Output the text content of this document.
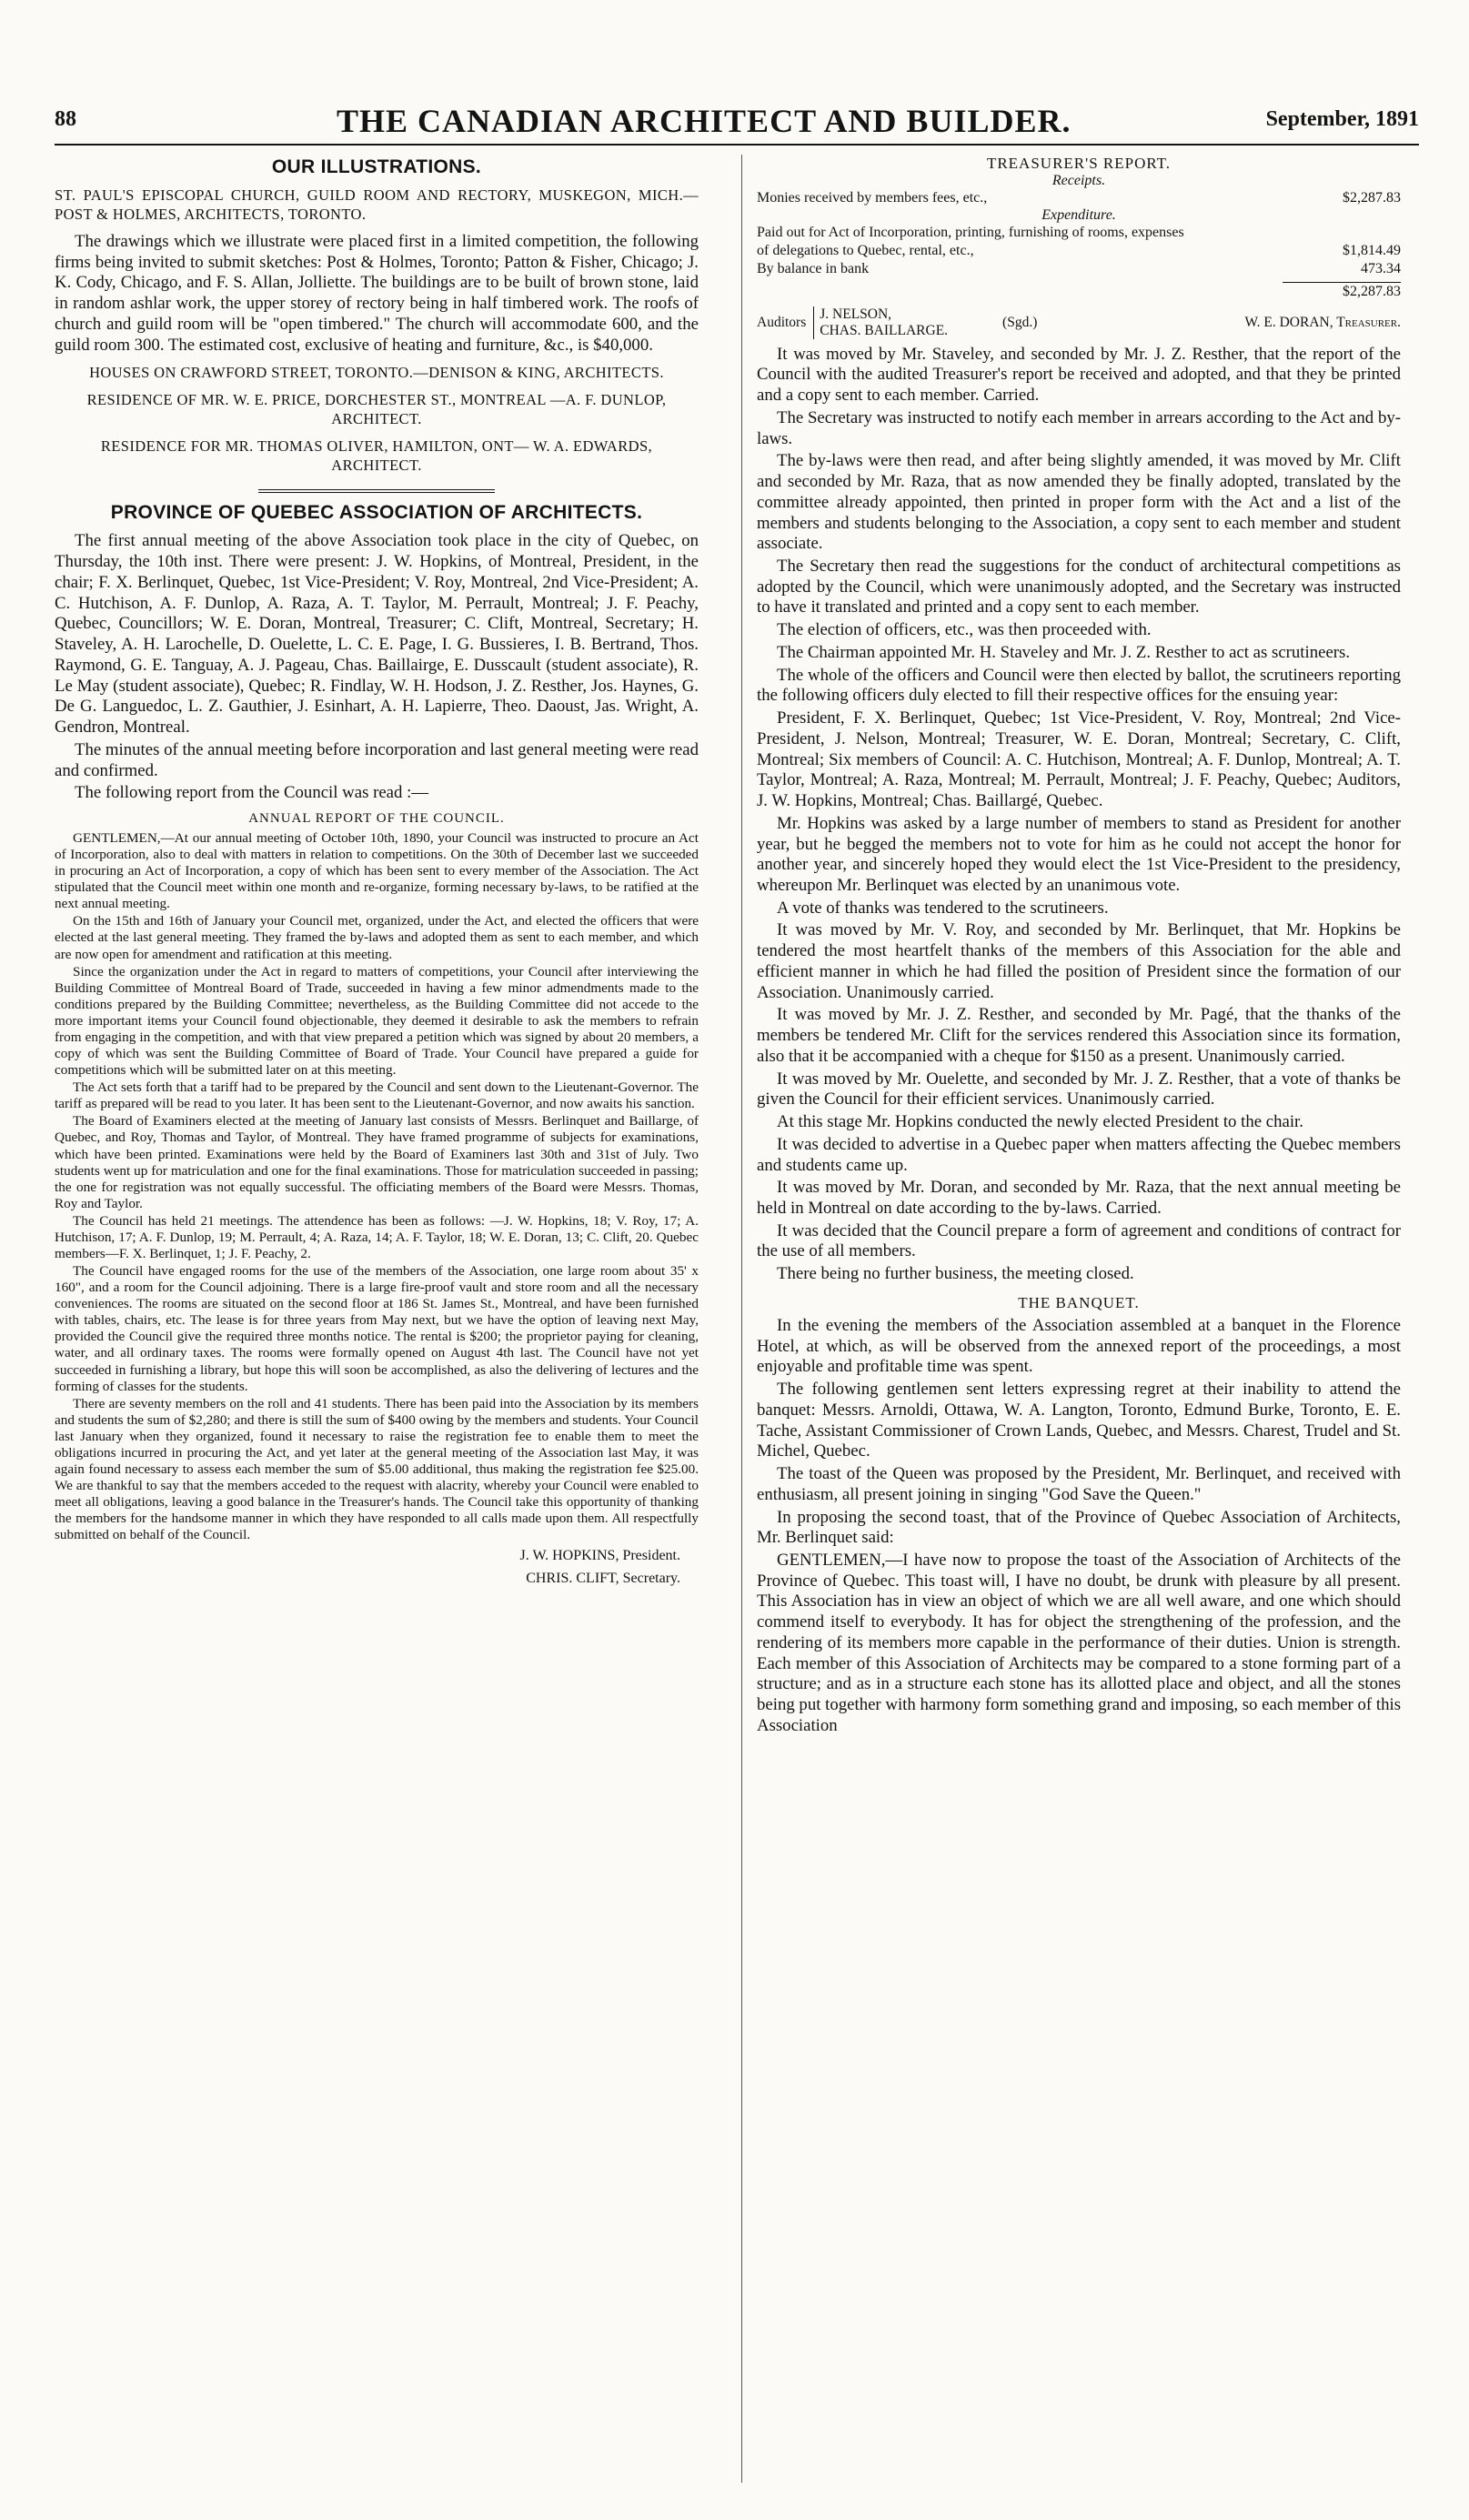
88	THE CANADIAN ARCHITECT AND BUILDER.	September, 1891
OUR ILLUSTRATIONS.
ST. PAUL'S EPISCOPAL CHURCH, GUILD ROOM AND RECTORY, MUSKEGON, MICH.—POST & HOLMES, ARCHITECTS, TORONTO.

The drawings which we illustrate were placed first in a limited competition, the following firms being invited to submit sketches: Post & Holmes, Toronto; Patton & Fisher, Chicago; J. K. Cody, Chicago, and F. S. Allan, Jolliette. The buildings are to be built of brown stone, laid in random ashlar work, the upper storey of rectory being in half timbered work. The roofs of church and guild room will be "open timbered." The church will accommodate 600, and the guild room 300. The estimated cost, exclusive of heating and furniture, &c., is $40,000.

HOUSES ON CRAWFORD STREET, TORONTO.—DENISON & KING, ARCHITECTS.
RESIDENCE OF MR. W. E. PRICE, DORCHESTER ST., MONTREAL —A. F. DUNLOP, ARCHITECT.
RESIDENCE FOR MR. THOMAS OLIVER, HAMILTON, ONT— W. A. EDWARDS, ARCHITECT.
PROVINCE OF QUEBEC ASSOCIATION OF ARCHITECTS.

The first annual meeting of the above Association took place in the city of Quebec, on Thursday, the 10th inst. There were present: J. W. Hopkins, of Montreal, President, in the chair; F. X. Berlinquet, Quebec, 1st Vice-President; V. Roy, Montreal, 2nd Vice-President; A. C. Hutchison, A. F. Dunlop, A. Raza, A. T. Taylor, M. Perrault, Montreal; J. F. Peachy, Quebec, Councillors; W. E. Doran, Montreal, Treasurer; C. Clift, Montreal, Secretary; H. Staveley, A. H. Larochelle, D. Ouelette, L. C. E. Page, I. G. Bussieres, I. B. Bertrand, Thos. Raymond, G. E. Tanguay, A. J. Pageau, Chas. Baillairge, E. Dusscault (student associate), R. Le May (student associate), Quebec; R. Findlay, W. H. Hodson, J. Z. Resther, Jos. Haynes, G. De G. Languedoc, L. Z. Gauthier, J. Esinhart, A. H. Lapierre, Theo. Daoust, Jas. Wright, A. Gendron, Montreal.

The minutes of the annual meeting before incorporation and last general meeting were read and confirmed.

The following report from the Council was read :—

ANNUAL REPORT OF THE COUNCIL.

GENTLEMEN,—At our annual meeting of October 10th, 1890, your Council was instructed to procure an Act of Incorporation, also to deal with matters in relation to competitions. On the 30th of December last we succeeded in procuring an Act of Incorporation, a copy of which has been sent to every member of the Association. The Act stipulated that the Council meet within one month and re-organize, forming necessary by-laws, to be ratified at the next annual meeting.

On the 15th and 16th of January your Council met, organized, under the Act, and elected the officers that were elected at the last general meeting. They framed the by-laws and adopted them as sent to each member, and which are now open for amendment and ratification at this meeting.

Since the organization under the Act in regard to matters of competitions, your Council after interviewing the Building Committee of Montreal Board of Trade, succeeded in having a few minor admendments made to the conditions prepared by the Building Committee; nevertheless, as the Building Committee did not accede to the more important items your Council found objectionable, they deemed it desirable to ask the members to refrain from engaging in the competition, and with that view prepared a petition which was signed by about 20 members, a copy of which was sent the Building Committee of Board of Trade. Your Council have prepared a guide for competitions which will be submitted later on at this meeting.

The Act sets forth that a tariff had to be prepared by the Council and sent down to the Lieutenant-Governor. The tariff as prepared will be read to you later. It has been sent to the Lieutenant-Governor, and now awaits his sanction.

The Board of Examiners elected at the meeting of January last consists of Messrs. Berlinquet and Baillarge, of Quebec, and Roy, Thomas and Taylor, of Montreal. They have framed programme of subjects for examinations, which have been printed. Examinations were held by the Board of Examiners last 30th and 31st of July. Two students went up for matriculation and one for the final examinations. Those for matriculation succeeded in passing; the one for registration was not equally successful. The officiating members of the Board were Messrs. Thomas, Roy and Taylor.

The Council has held 21 meetings. The attendence has been as follows: —J. W. Hopkins, 18; V. Roy, 17; A. Hutchison, 17; A. F. Dunlop, 19; M. Perrault, 4; A. Raza, 14; A. F. Taylor, 18; W. E. Doran, 13; C. Clift, 20. Quebec members—F. X. Berlinquet, 1; J. F. Peachy, 2.

The Council have engaged rooms for the use of the members of the Association, one large room about 35' x 160", and a room for the Council adjoining. There is a large fire-proof vault and store room and all the necessary conveniences. The rooms are situated on the second floor at 186 St. James St., Montreal, and have been furnished with tables, chairs, etc. The lease is for three years from May next, but we have the option of leaving next May, provided the Council give the required three months notice. The rental is $200; the proprietor paying for cleaning, water, and all ordinary taxes. The rooms were formally opened on August 4th last. The Council have not yet succeeded in furnishing a library, but hope this will soon be accomplished, as also the delivering of lectures and the forming of classes for the students.

There are seventy members on the roll and 41 students. There has been paid into the Association by its members and students the sum of $2,280; and there is still the sum of $400 owing by the members and students. Your Council last January when they organized, found it necessary to raise the registration fee to enable them to meet the obligations incurred in procuring the Act, and yet later at the general meeting of the Association last May, it was again found necessary to assess each member the sum of $5.00 additional, thus making the registration fee $25.00. We are thankful to say that the members acceded to the request with alacrity, whereby your Council were enabled to meet all obligations, leaving a good balance in the Treasurer's hands. The Council take this opportunity of thanking the members for the handsome manner in which they have responded to all calls made upon them. All respectfully submitted on behalf of the Council.

J. W. HOPKINS, President.
CHRIS. CLIFT, Secretary.
TREASURER'S REPORT.
Receipts.
Monies received by members fees, etc.,	$2,287.83
Expenditure.
Paid out for Act of Incorporation, printing, furnishing of rooms, expenses
of delegations to Quebec, rental, etc.,	$1,814.49
By balance in bank	473.34
$2,287.83
Auditors
J. NELSON,
CHAS. BAILLARGE.
(Sgd.)	W. E. DORAN, Treasurer.

It was moved by Mr. Staveley, and seconded by Mr. J. Z. Resther, that the report of the Council with the audited Treasurer's report be received and adopted, and that they be printed and a copy sent to each member. Carried.

The Secretary was instructed to notify each member in arrears according to the Act and by-laws.

The by-laws were then read, and after being slightly amended, it was moved by Mr. Clift and seconded by Mr. Raza, that as now amended they be finally adopted, translated by the committee already appointed, then printed in proper form with the Act and a list of the members and students belonging to the Association, a copy sent to each member and student associate.

The Secretary then read the suggestions for the conduct of architectural competitions as adopted by the Council, which were unanimously adopted, and the Secretary was instructed to have it translated and printed and a copy sent to each member.

The election of officers, etc., was then proceeded with.

The Chairman appointed Mr. H. Staveley and Mr. J. Z. Resther to act as scrutineers.

The whole of the officers and Council were then elected by ballot, the scrutineers reporting the following officers duly elected to fill their respective offices for the ensuing year:

President, F. X. Berlinquet, Quebec; 1st Vice-President, V. Roy, Montreal; 2nd Vice-President, J. Nelson, Montreal; Treasurer, W. E. Doran, Montreal; Secretary, C. Clift, Montreal; Six members of Council: A. C. Hutchison, Montreal; A. F. Dunlop, Montreal; A. T. Taylor, Montreal; A. Raza, Montreal; M. Perrault, Montreal; J. F. Peachy, Quebec; Auditors, J. W. Hopkins, Montreal; Chas. Baillargé, Quebec.

Mr. Hopkins was asked by a large number of members to stand as President for another year, but he begged the members not to vote for him as he could not accept the honor for another year, and sincerely hoped they would elect the 1st Vice-President to the presidency, whereupon Mr. Berlinquet was elected by an unanimous vote.

A vote of thanks was tendered to the scrutineers.

It was moved by Mr. V. Roy, and seconded by Mr. Berlinquet, that Mr. Hopkins be tendered the most heartfelt thanks of the members of this Association for the able and efficient manner in which he had filled the position of President since the formation of our Association. Unanimously carried.

It was moved by Mr. J. Z. Resther, and seconded by Mr. Pagé, that the thanks of the members be tendered Mr. Clift for the services rendered this Association since its formation, also that it be accompanied with a cheque for $150 as a present. Unanimously carried.

It was moved by Mr. Ouelette, and seconded by Mr. J. Z. Resther, that a vote of thanks be given the Council for their efficient services. Unanimously carried.

At this stage Mr. Hopkins conducted the newly elected President to the chair.

It was decided to advertise in a Quebec paper when matters affecting the Quebec members and students came up.

It was moved by Mr. Doran, and seconded by Mr. Raza, that the next annual meeting be held in Montreal on date according to the by-laws. Carried.

It was decided that the Council prepare a form of agreement and conditions of contract for the use of all members.

There being no further business, the meeting closed.

THE BANQUET.

In the evening the members of the Association assembled at a banquet in the Florence Hotel, at which, as will be observed from the annexed report of the proceedings, a most enjoyable and profitable time was spent.

The following gentlemen sent letters expressing regret at their inability to attend the banquet: Messrs. Arnoldi, Ottawa, W. A. Langton, Toronto, Edmund Burke, Toronto, E. E. Tache, Assistant Commissioner of Crown Lands, Quebec, and Messrs. Charest, Trudel and St. Michel, Quebec.

The toast of the Queen was proposed by the President, Mr. Berlinquet, and received with enthusiasm, all present joining in singing "God Save the Queen."

In proposing the second toast, that of the Province of Quebec Association of Architects, Mr. Berlinquet said:

GENTLEMEN,—I have now to propose the toast of the Association of Architects of the Province of Quebec. This toast will, I have no doubt, be drunk with pleasure by all present. This Association has in view an object of which we are all well aware, and one which should commend itself to everybody. It has for object the strengthening of the profession, and the rendering of its members more capable in the performance of their duties. Union is strength. Each member of this Association of Architects may be compared to a stone forming part of a structure; and as in a structure each stone has its allotted place and object, and all the stones being put together with harmony form something grand and imposing, so each member of this Association
